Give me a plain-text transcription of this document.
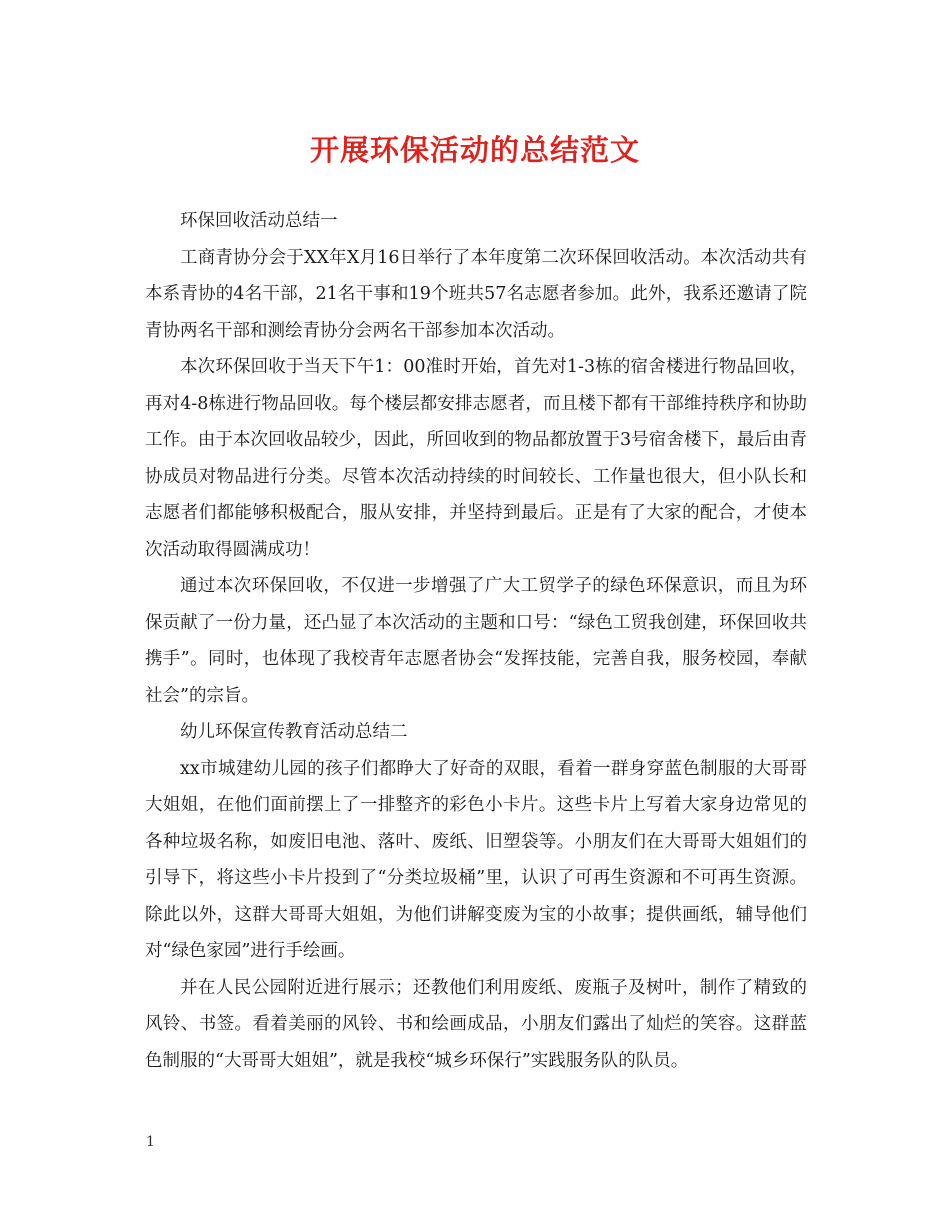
开展环保活动的总结范文

环保回收活动总结一

工商青协分会于XX年X月16日举行了本年度第二次环保回收活动。本次活动共有本系青协的4名干部，21名干事和19个班共57名志愿者参加。此外，我系还邀请了院青协两名干部和测绘青协分会两名干部参加本次活动。

本次环保回收于当天下午1：00准时开始，首先对1-3栋的宿舍楼进行物品回收，再对4-8栋进行物品回收。每个楼层都安排志愿者，而且楼下都有干部维持秩序和协助工作。由于本次回收品较少，因此，所回收到的物品都放置于3号宿舍楼下，最后由青协成员对物品进行分类。尽管本次活动持续的时间较长、工作量也很大，但小队长和志愿者们都能够积极配合，服从安排，并坚持到最后。正是有了大家的配合，才使本次活动取得圆满成功！

通过本次环保回收，不仅进一步增强了广大工贸学子的绿色环保意识，而且为环保贡献了一份力量，还凸显了本次活动的主题和口号：“绿色工贸我创建，环保回收共携手”。同时，也体现了我校青年志愿者协会“发挥技能，完善自我，服务校园，奉献社会”的宗旨。

幼儿环保宣传教育活动总结二

xx市城建幼儿园的孩子们都睁大了好奇的双眼，看着一群身穿蓝色制服的大哥哥大姐姐，在他们面前摆上了一排整齐的彩色小卡片。这些卡片上写着大家身边常见的各种垃圾名称，如废旧电池、落叶、废纸、旧塑袋等。小朋友们在大哥哥大姐姐们的引导下，将这些小卡片投到了“分类垃圾桶”里，认识了可再生资源和不可再生资源。除此以外，这群大哥哥大姐姐，为他们讲解变废为宝的小故事；提供画纸，辅导他们对“绿色家园”进行手绘画。

并在人民公园附近进行展示；还教他们利用废纸、废瓶子及树叶，制作了精致的风铃、书签。看着美丽的风铃、书和绘画成品，小朋友们露出了灿烂的笑容。这群蓝色制服的“大哥哥大姐姐”，就是我校“城乡环保行”实践服务队的队员。

1
